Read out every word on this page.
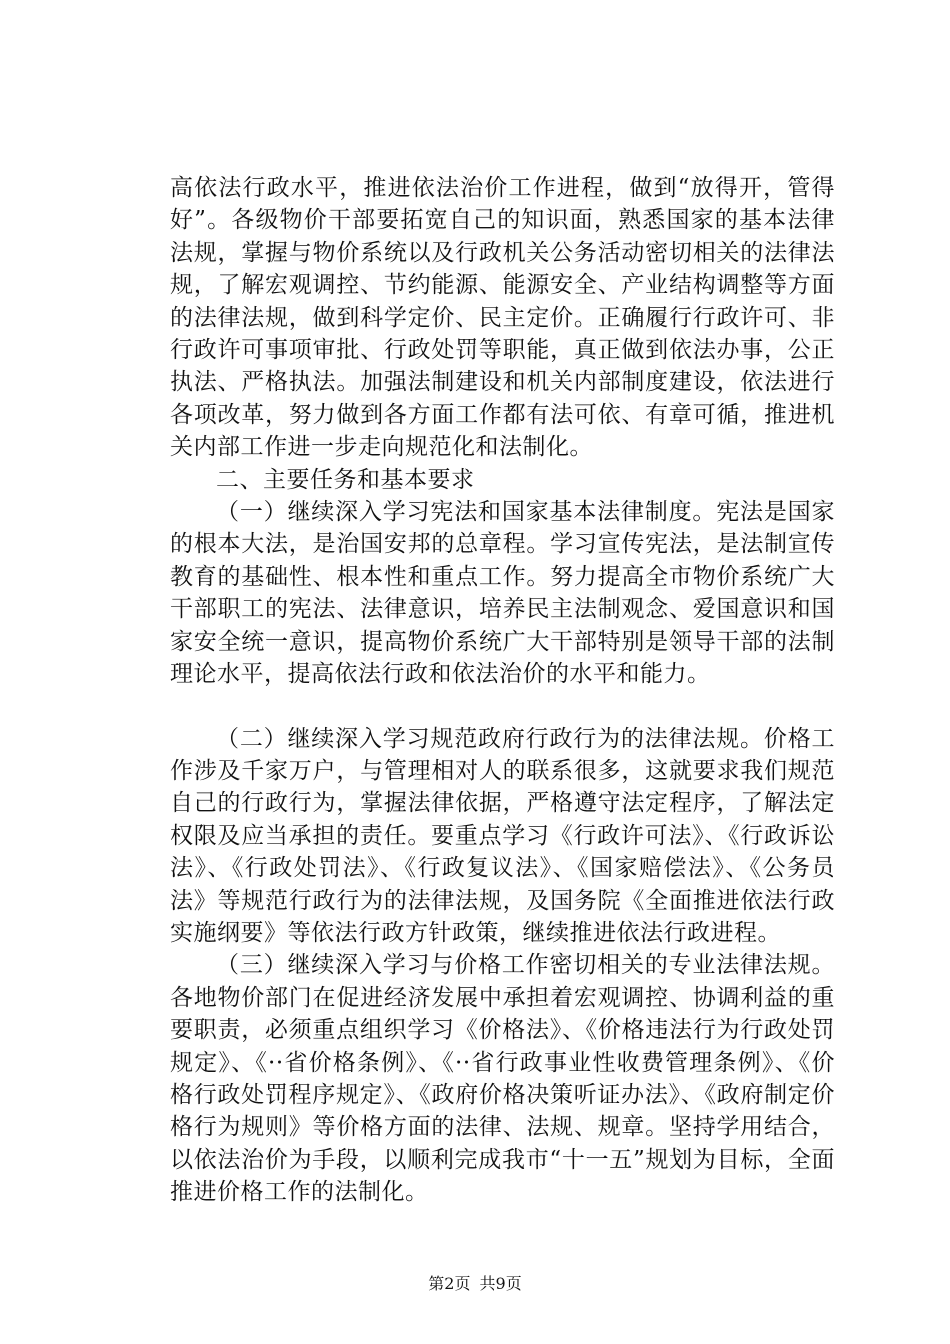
高依法行政水平，推进依法治价工作进程，做到“放得开，管得好”。各级物价干部要拓宽自己的知识面，熟悉国家的基本法律法规，掌握与物价系统以及行政机关公务活动密切相关的法律法规，了解宏观调控、节约能源、能源安全、产业结构调整等方面的法律法规，做到科学定价、民主定价。正确履行行政许可、非行政许可事项审批、行政处罚等职能，真正做到依法办事，公正执法、严格执法。加强法制建设和机关内部制度建设，依法进行各项改革，努力做到各方面工作都有法可依、有章可循，推进机关内部工作进一步走向规范化和法制化。

二、主要任务和基本要求

（一）继续深入学习宪法和国家基本法律制度。宪法是国家的根本大法，是治国安邦的总章程。学习宣传宪法，是法制宣传教育的基础性、根本性和重点工作。努力提高全市物价系统广大干部职工的宪法、法律意识，培养民主法制观念、爱国意识和国家安全统一意识，提高物价系统广大干部特别是领导干部的法制理论水平，提高依法行政和依法治价的水平和能力。

（二）继续深入学习规范政府行政行为的法律法规。价格工作涉及千家万户，与管理相对人的联系很多，这就要求我们规范自己的行政行为，掌握法律依据，严格遵守法定程序，了解法定权限及应当承担的责任。要重点学习《行政许可法》、《行政诉讼法》、《行政处罚法》、《行政复议法》、《国家赔偿法》、《公务员法》等规范行政行为的法律法规，及国务院《全面推进依法行政实施纲要》等依法行政方针政策，继续推进依法行政进程。

（三）继续深入学习与价格工作密切相关的专业法律法规。各地物价部门在促进经济发展中承担着宏观调控、协调利益的重要职责，必须重点组织学习《价格法》、《价格违法行为行政处罚规定》、《··省价格条例》、《··省行政事业性收费管理条例》、《价格行政处罚程序规定》、《政府价格决策听证办法》、《政府制定价格行为规则》等价格方面的法律、法规、规章。坚持学用结合，以依法治价为手段，以顺利完成我市“十一五”规划为目标，全面推进价格工作的法制化。

第2页 共9页
